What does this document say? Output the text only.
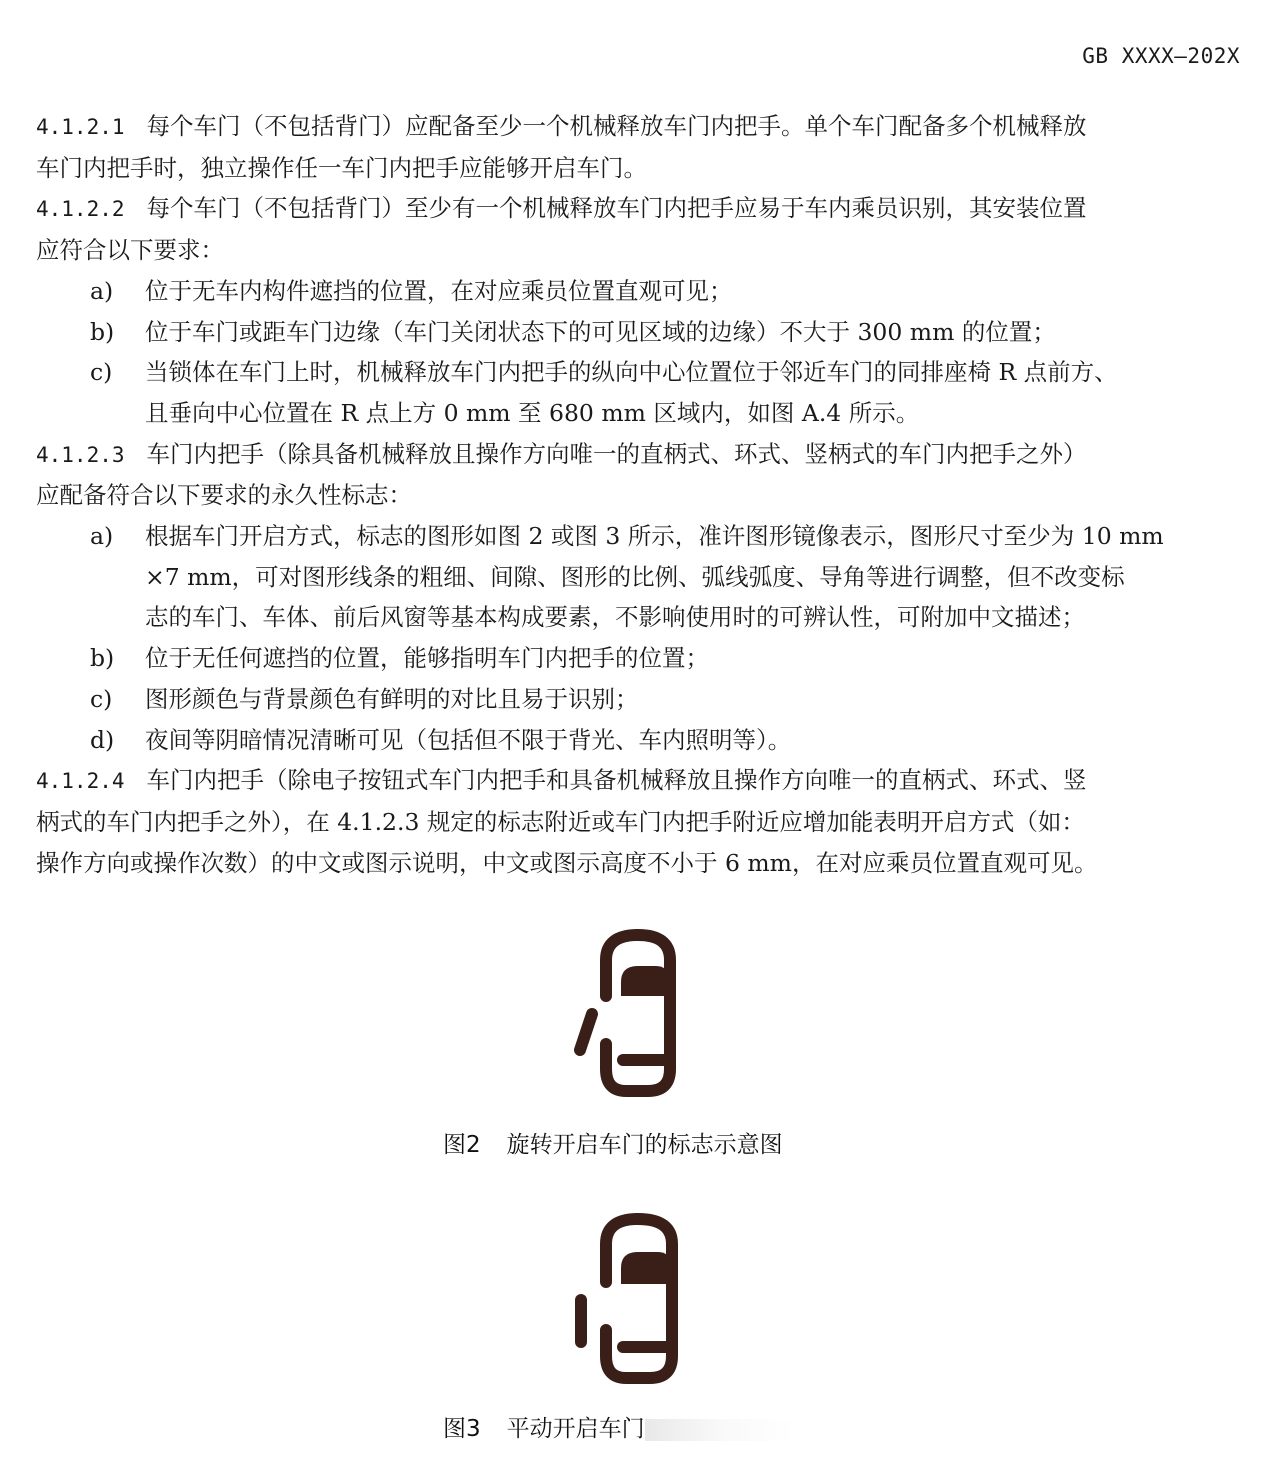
GB XXXX—202X

4.1.2.1 每个车门（不包括背门）应配备至少一个机械释放车门内把手。单个车门配备多个机械释放

车门内把手时，独立操作任一车门内把手应能够开启车门。

4.1.2.2 每个车门（不包括背门）至少有一个机械释放车门内把手应易于车内乘员识别，其安装位置

应符合以下要求：

a) 位于无车内构件遮挡的位置，在对应乘员位置直观可见；

b) 位于车门或距车门边缘（车门关闭状态下的可见区域的边缘）不大于 300 mm 的位置；

c) 当锁体在车门上时，机械释放车门内把手的纵向中心位置位于邻近车门的同排座椅 R 点前方、

且垂向中心位置在 R 点上方 0 mm 至 680 mm 区域内，如图 A.4 所示。

4.1.2.3 车门内把手（除具备机械释放且操作方向唯一的直柄式、环式、竖柄式的车门内把手之外）

应配备符合以下要求的永久性标志：

a) 根据车门开启方式，标志的图形如图 2 或图 3 所示，准许图形镜像表示，图形尺寸至少为 10 mm

×7 mm，可对图形线条的粗细、间隙、图形的比例、弧线弧度、导角等进行调整，但不改变标

志的车门、车体、前后风窗等基本构成要素，不影响使用时的可辨认性，可附加中文描述；

b) 位于无任何遮挡的位置，能够指明车门内把手的位置；

c) 图形颜色与背景颜色有鲜明的对比且易于识别；

d) 夜间等阴暗情况清晰可见（包括但不限于背光、车内照明等）。

4.1.2.4 车门内把手（除电子按钮式车门内把手和具备机械释放且操作方向唯一的直柄式、环式、竖

柄式的车门内把手之外），在 4.1.2.3 规定的标志附近或车门内把手附近应增加能表明开启方式（如：

操作方向或操作次数）的中文或图示说明，中文或图示高度不小于 6 mm，在对应乘员位置直观可见。

图2 旋转开启车门的标志示意图
图3 平动开启车门
